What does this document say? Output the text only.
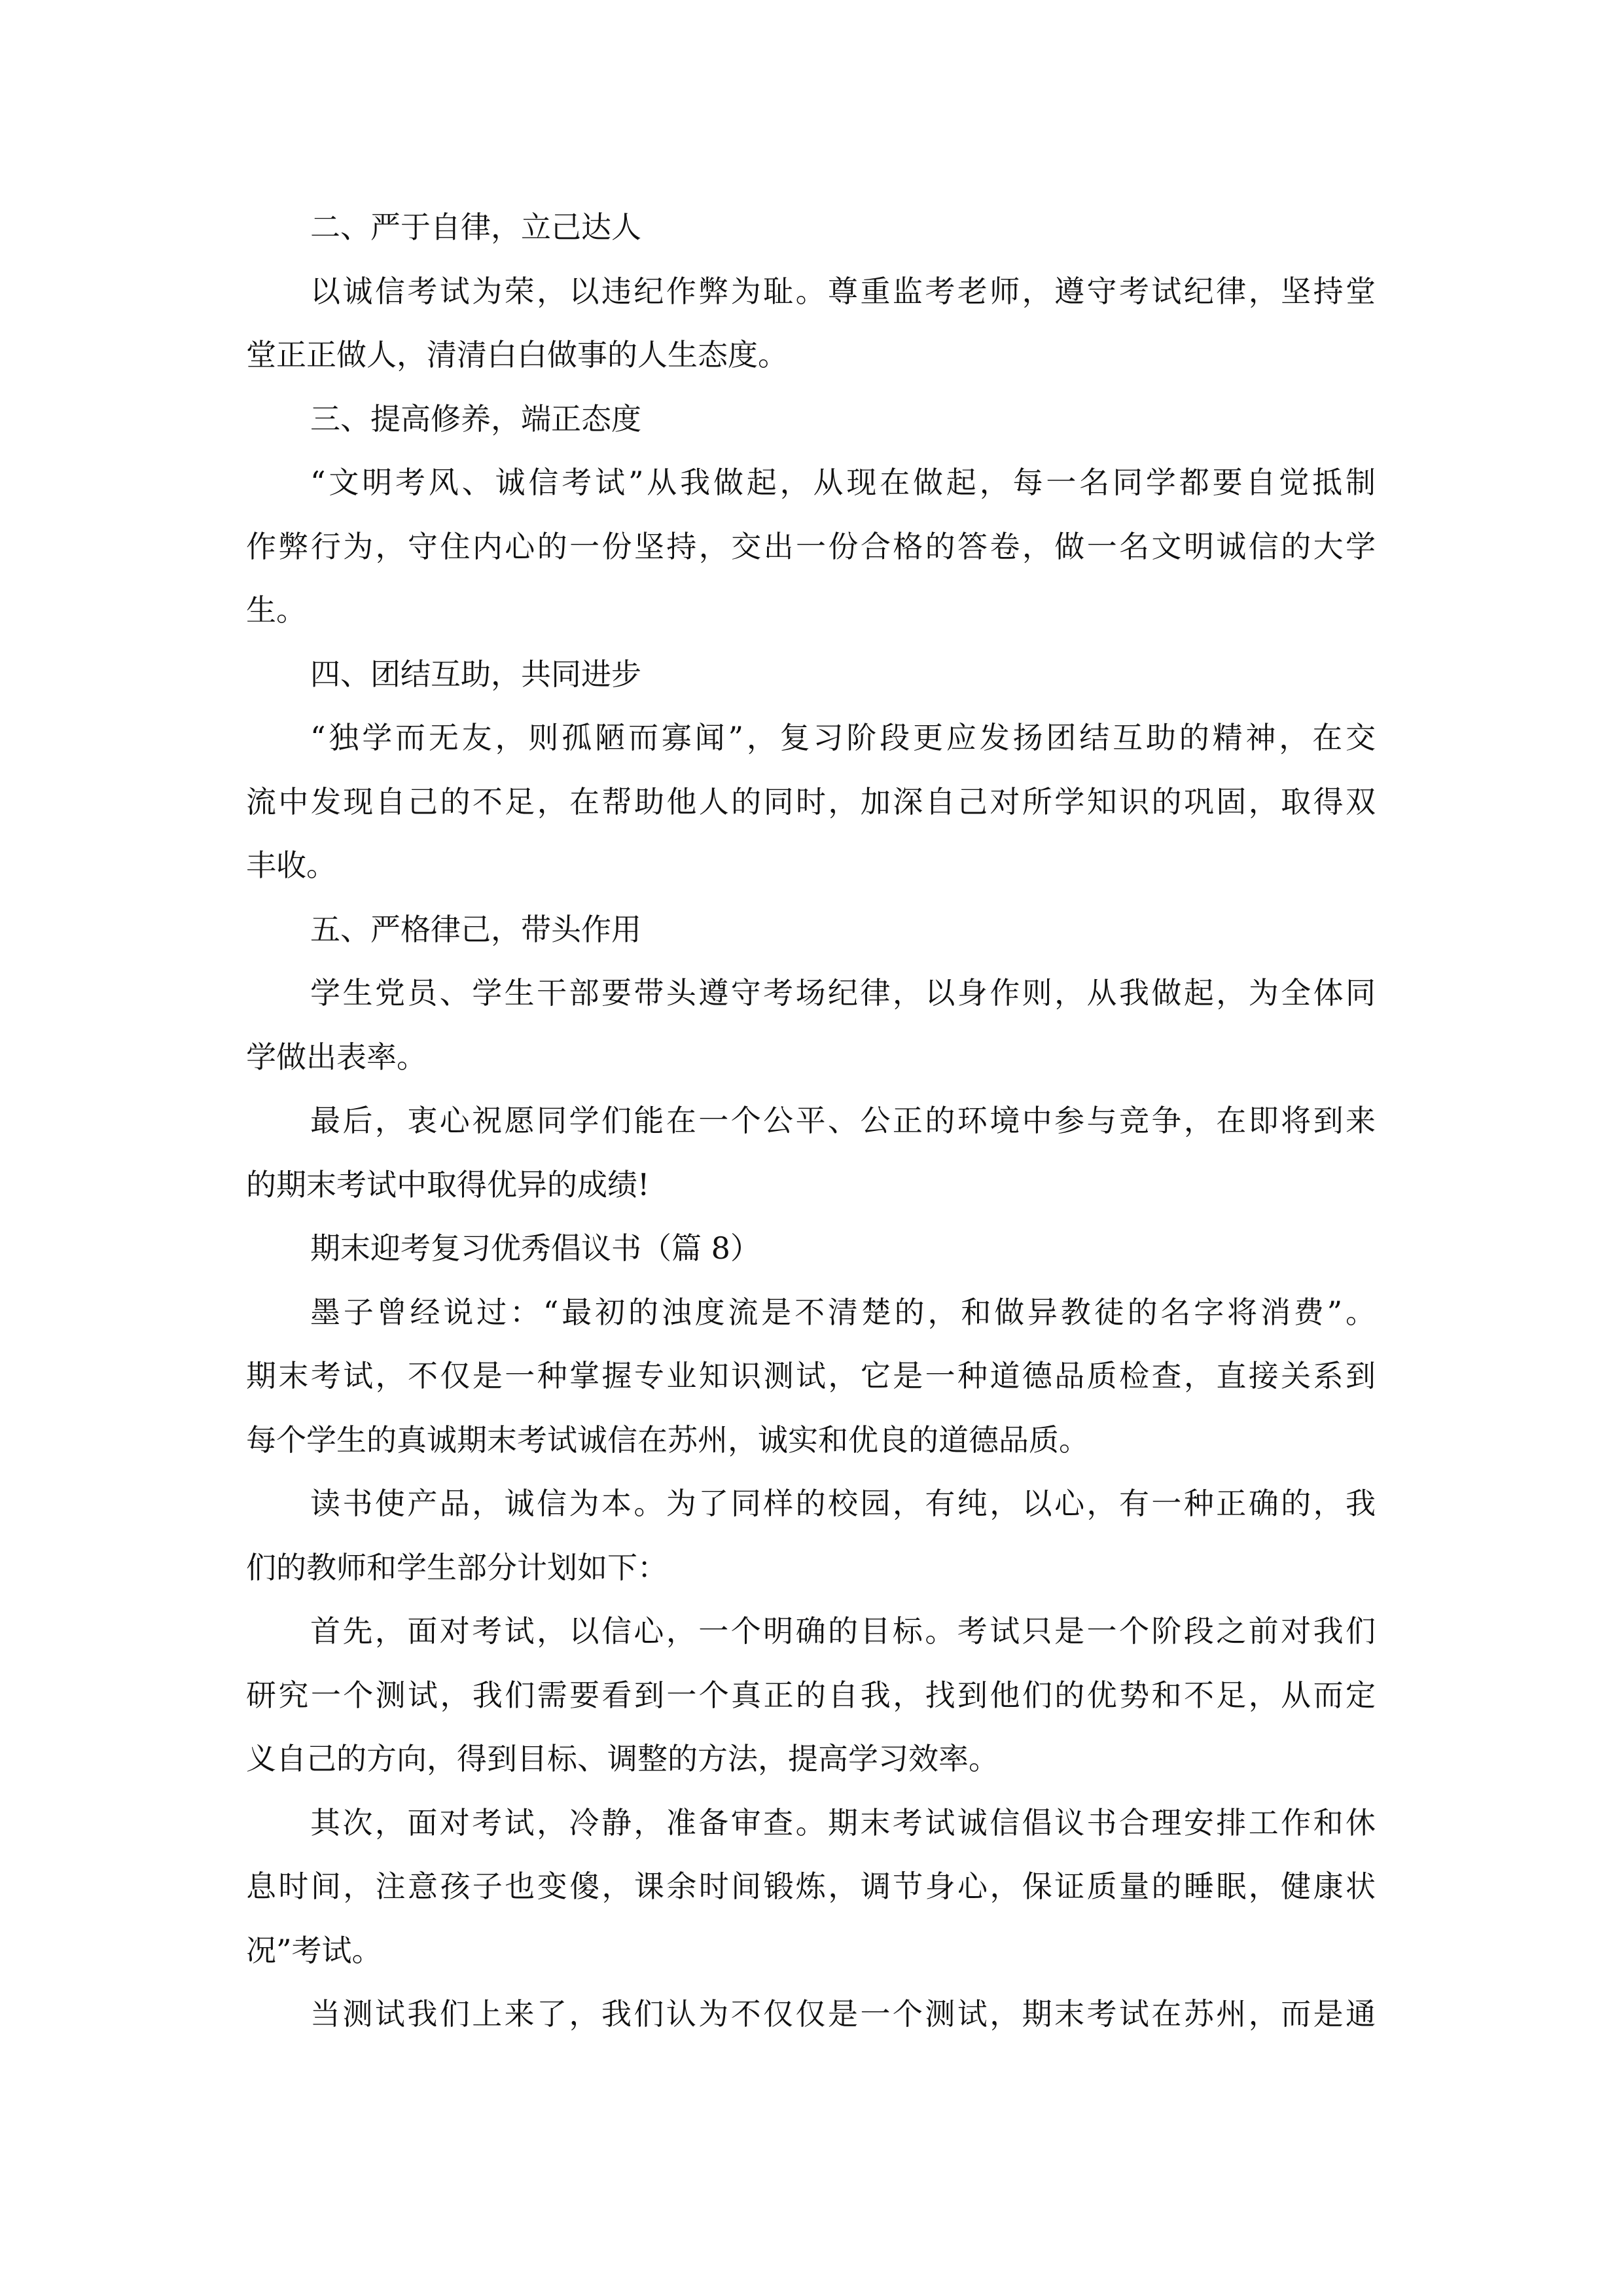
二、严于自律，立己达人
以诚信考试为荣，以违纪作弊为耻。尊重监考老师，遵守考试纪律，坚持堂
堂正正做人，清清白白做事的人生态度。
三、提高修养，端正态度
“文明考风、诚信考试”从我做起，从现在做起，每一名同学都要自觉抵制
作弊行为，守住内心的一份坚持，交出一份合格的答卷，做一名文明诚信的大学
生。
四、团结互助，共同进步
“独学而无友，则孤陋而寡闻”，复习阶段更应发扬团结互助的精神，在交
流中发现自己的不足，在帮助他人的同时，加深自己对所学知识的巩固，取得双
丰收。
五、严格律己，带头作用
学生党员、学生干部要带头遵守考场纪律，以身作则，从我做起，为全体同
学做出表率。
最后，衷心祝愿同学们能在一个公平、公正的环境中参与竞争，在即将到来
的期末考试中取得优异的成绩!
期末迎考复习优秀倡议书（篇 8）
墨子曾经说过：“最初的浊度流是不清楚的，和做异教徒的名字将消费”。
期末考试，不仅是一种掌握专业知识测试，它是一种道德品质检查，直接关系到
每个学生的真诚期末考试诚信在苏州，诚实和优良的道德品质。
读书使产品，诚信为本。为了同样的校园，有纯，以心，有一种正确的，我
们的教师和学生部分计划如下：
首先，面对考试，以信心，一个明确的目标。考试只是一个阶段之前对我们
研究一个测试，我们需要看到一个真正的自我，找到他们的优势和不足，从而定
义自己的方向，得到目标、调整的方法，提高学习效率。
其次，面对考试，冷静，准备审查。期末考试诚信倡议书合理安排工作和休
息时间，注意孩子也变傻，课余时间锻炼，调节身心，保证质量的睡眠，健康状
况”考试。
当测试我们上来了，我们认为不仅仅是一个测试，期末考试在苏州，而是通
